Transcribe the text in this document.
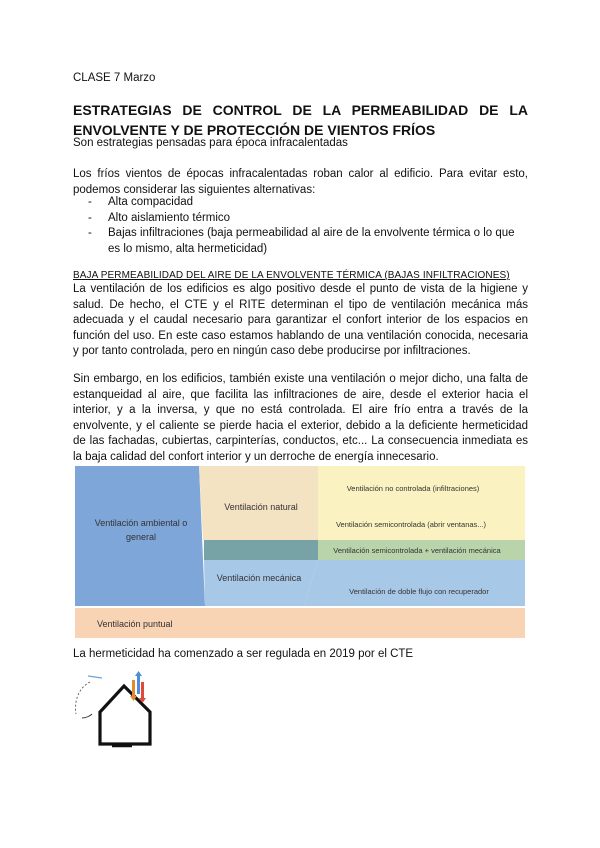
CLASE 7 Marzo
ESTRATEGIAS DE CONTROL DE LA PERMEABILIDAD DE LA ENVOLVENTE Y DE PROTECCIÓN DE VIENTOS FRÍOS
Son estrategias pensadas para época infracalentadas

Los fríos vientos de épocas infracalentadas roban calor al edificio. Para evitar esto, podemos considerar las siguientes alternativas:

- Alta compacidad
- Alto aislamiento térmico
- Bajas infiltraciones (baja permeabilidad al aire de la envolvente térmica o lo que es lo mismo, alta hermeticidad)
BAJA PERMEABILIDAD DEL AIRE DE LA ENVOLVENTE TÉRMICA (BAJAS INFILTRACIONES)

La ventilación de los edificios es algo positivo desde el punto de vista de la higiene y salud. De hecho, el CTE y el RITE determinan el tipo de ventilación mecánica más adecuada y el caudal necesario para garantizar el confort interior de los espacios en función del uso. En este caso estamos hablando de una ventilación conocida, necesaria y por tanto controlada, pero en ningún caso debe producirse por infiltraciones.

Sin embargo, en los edificios, también existe una ventilación o mejor dicho, una falta de estanqueidad al aire, que facilita las infiltraciones de aire, desde el exterior hacia el interior, y a la inversa, y que no está controlada. El aire frío entra a través de la envolvente, y el caliente se pierde hacia el exterior, debido a la deficiente hermeticidad de las fachadas, cubiertas, carpinterías, conductos, etc... La consecuencia inmediata es la baja calidad del confort interior y un derroche de energía innecesario.

Ventilación ambiental o
general
Ventilación natural
Ventilación no controlada (infiltraciones)
Ventilación semicontrolada (abrir ventanas...)
Ventilación semicontrolada + ventilación mecánica
Ventilación mecánica
Ventilación de doble flujo con recuperador
Ventilación puntual
La hermeticidad ha comenzado a ser regulada en 2019 por el CTE
